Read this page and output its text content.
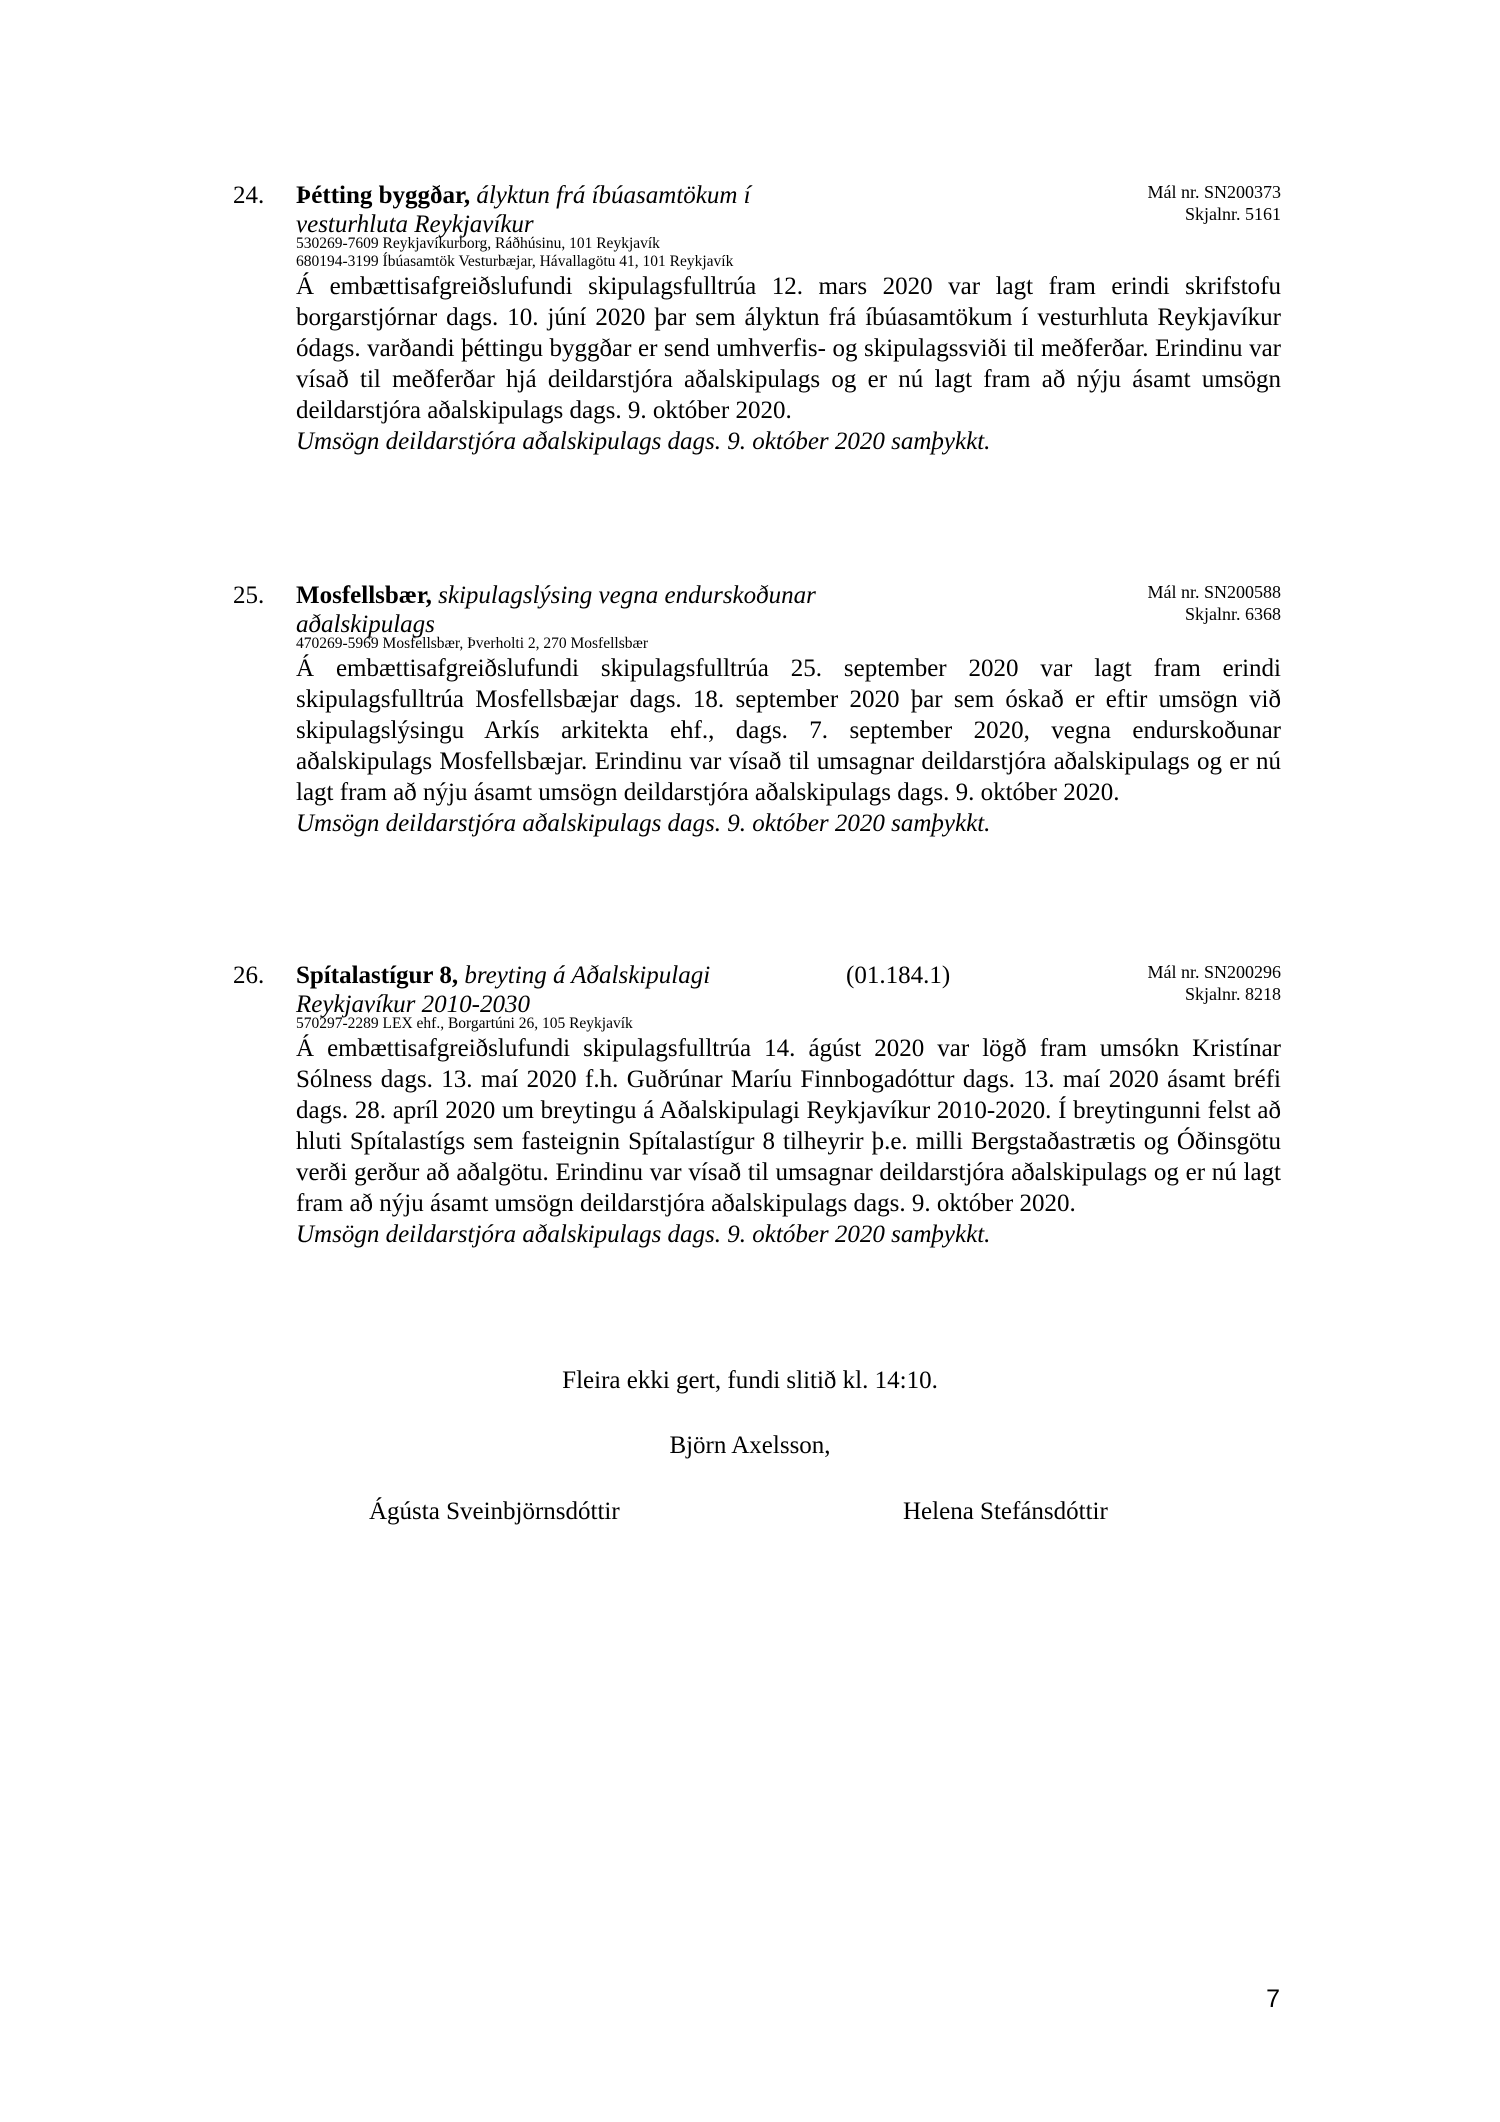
24. Þétting byggðar, ályktun frá íbúasamtökum í vesturhluta Reykjavíkur
Mál nr. SN200373
Skjalnr. 5161
530269-7609 Reykjavíkurborg, Ráðhúsinu, 101 Reykjavík
680194-3199 Íbúasamtök Vesturbæjar, Hávallagötu 41, 101 Reykjavík
Á embættisafgreiðslufundi skipulagsfulltrúa 12. mars 2020 var lagt fram erindi skrifstofu borgarstjórnar dags. 10. júní 2020 þar sem ályktun frá íbúasamtökum í vesturhluta Reykjavíkur ódags. varðandi þéttingu byggðar er send umhverfis- og skipulagssviði til meðferðar. Erindinu var vísað til meðferðar hjá deildarstjóra aðalskipulags og er nú lagt fram að nýju ásamt umsögn deildarstjóra aðalskipulags dags. 9. október 2020.
Umsögn deildarstjóra aðalskipulags dags. 9. október 2020 samþykkt.
25. Mosfellsbær, skipulagslýsing vegna endurskoðunar aðalskipulags
Mál nr. SN200588
Skjalnr. 6368
470269-5969 Mosfellsbær, Þverholti 2, 270 Mosfellsbær
Á embættisafgreiðslufundi skipulagsfulltrúa 25. september 2020 var lagt fram erindi skipulagsfulltrúa Mosfellsbæjar dags. 18. september 2020 þar sem óskað er eftir umsögn við skipulagslýsingu Arkís arkitekta ehf., dags. 7. september 2020, vegna endurskoðunar aðalskipulags Mosfellsbæjar. Erindinu var vísað til umsagnar deildarstjóra aðalskipulags og er nú lagt fram að nýju ásamt umsögn deildarstjóra aðalskipulags dags. 9. október 2020.
Umsögn deildarstjóra aðalskipulags dags. 9. október 2020 samþykkt.
26. Spítalastígur 8, breyting á Aðalskipulagi Reykjavíkur 2010-2030
(01.184.1)	Mál nr. SN200296
Skjalnr. 8218
570297-2289 LEX ehf., Borgartúni 26, 105 Reykjavík
Á embættisafgreiðslufundi skipulagsfulltrúa 14. ágúst 2020 var lögð fram umsókn Kristínar Sólness dags. 13. maí 2020 f.h. Guðrúnar Maríu Finnbogadóttur dags. 13. maí 2020 ásamt bréfi dags. 28. apríl 2020 um breytingu á Aðalskipulagi Reykjavíkur 2010-2020. Í breytingunni felst að hluti Spítalastígs sem fasteignin Spítalastígur 8 tilheyrir þ.e. milli Bergstaðastrætis og Óðinsgötu verði gerður að aðalgötu. Erindinu var vísað til umsagnar deildarstjóra aðalskipulags og er nú lagt fram að nýju ásamt umsögn deildarstjóra aðalskipulags dags. 9. október 2020.
Umsögn deildarstjóra aðalskipulags dags. 9. október 2020 samþykkt.
Fleira ekki gert, fundi slitið kl. 14:10.
Björn Axelsson,
Ágústa Sveinbjörnsdóttir	Helena Stefánsdóttir
7
